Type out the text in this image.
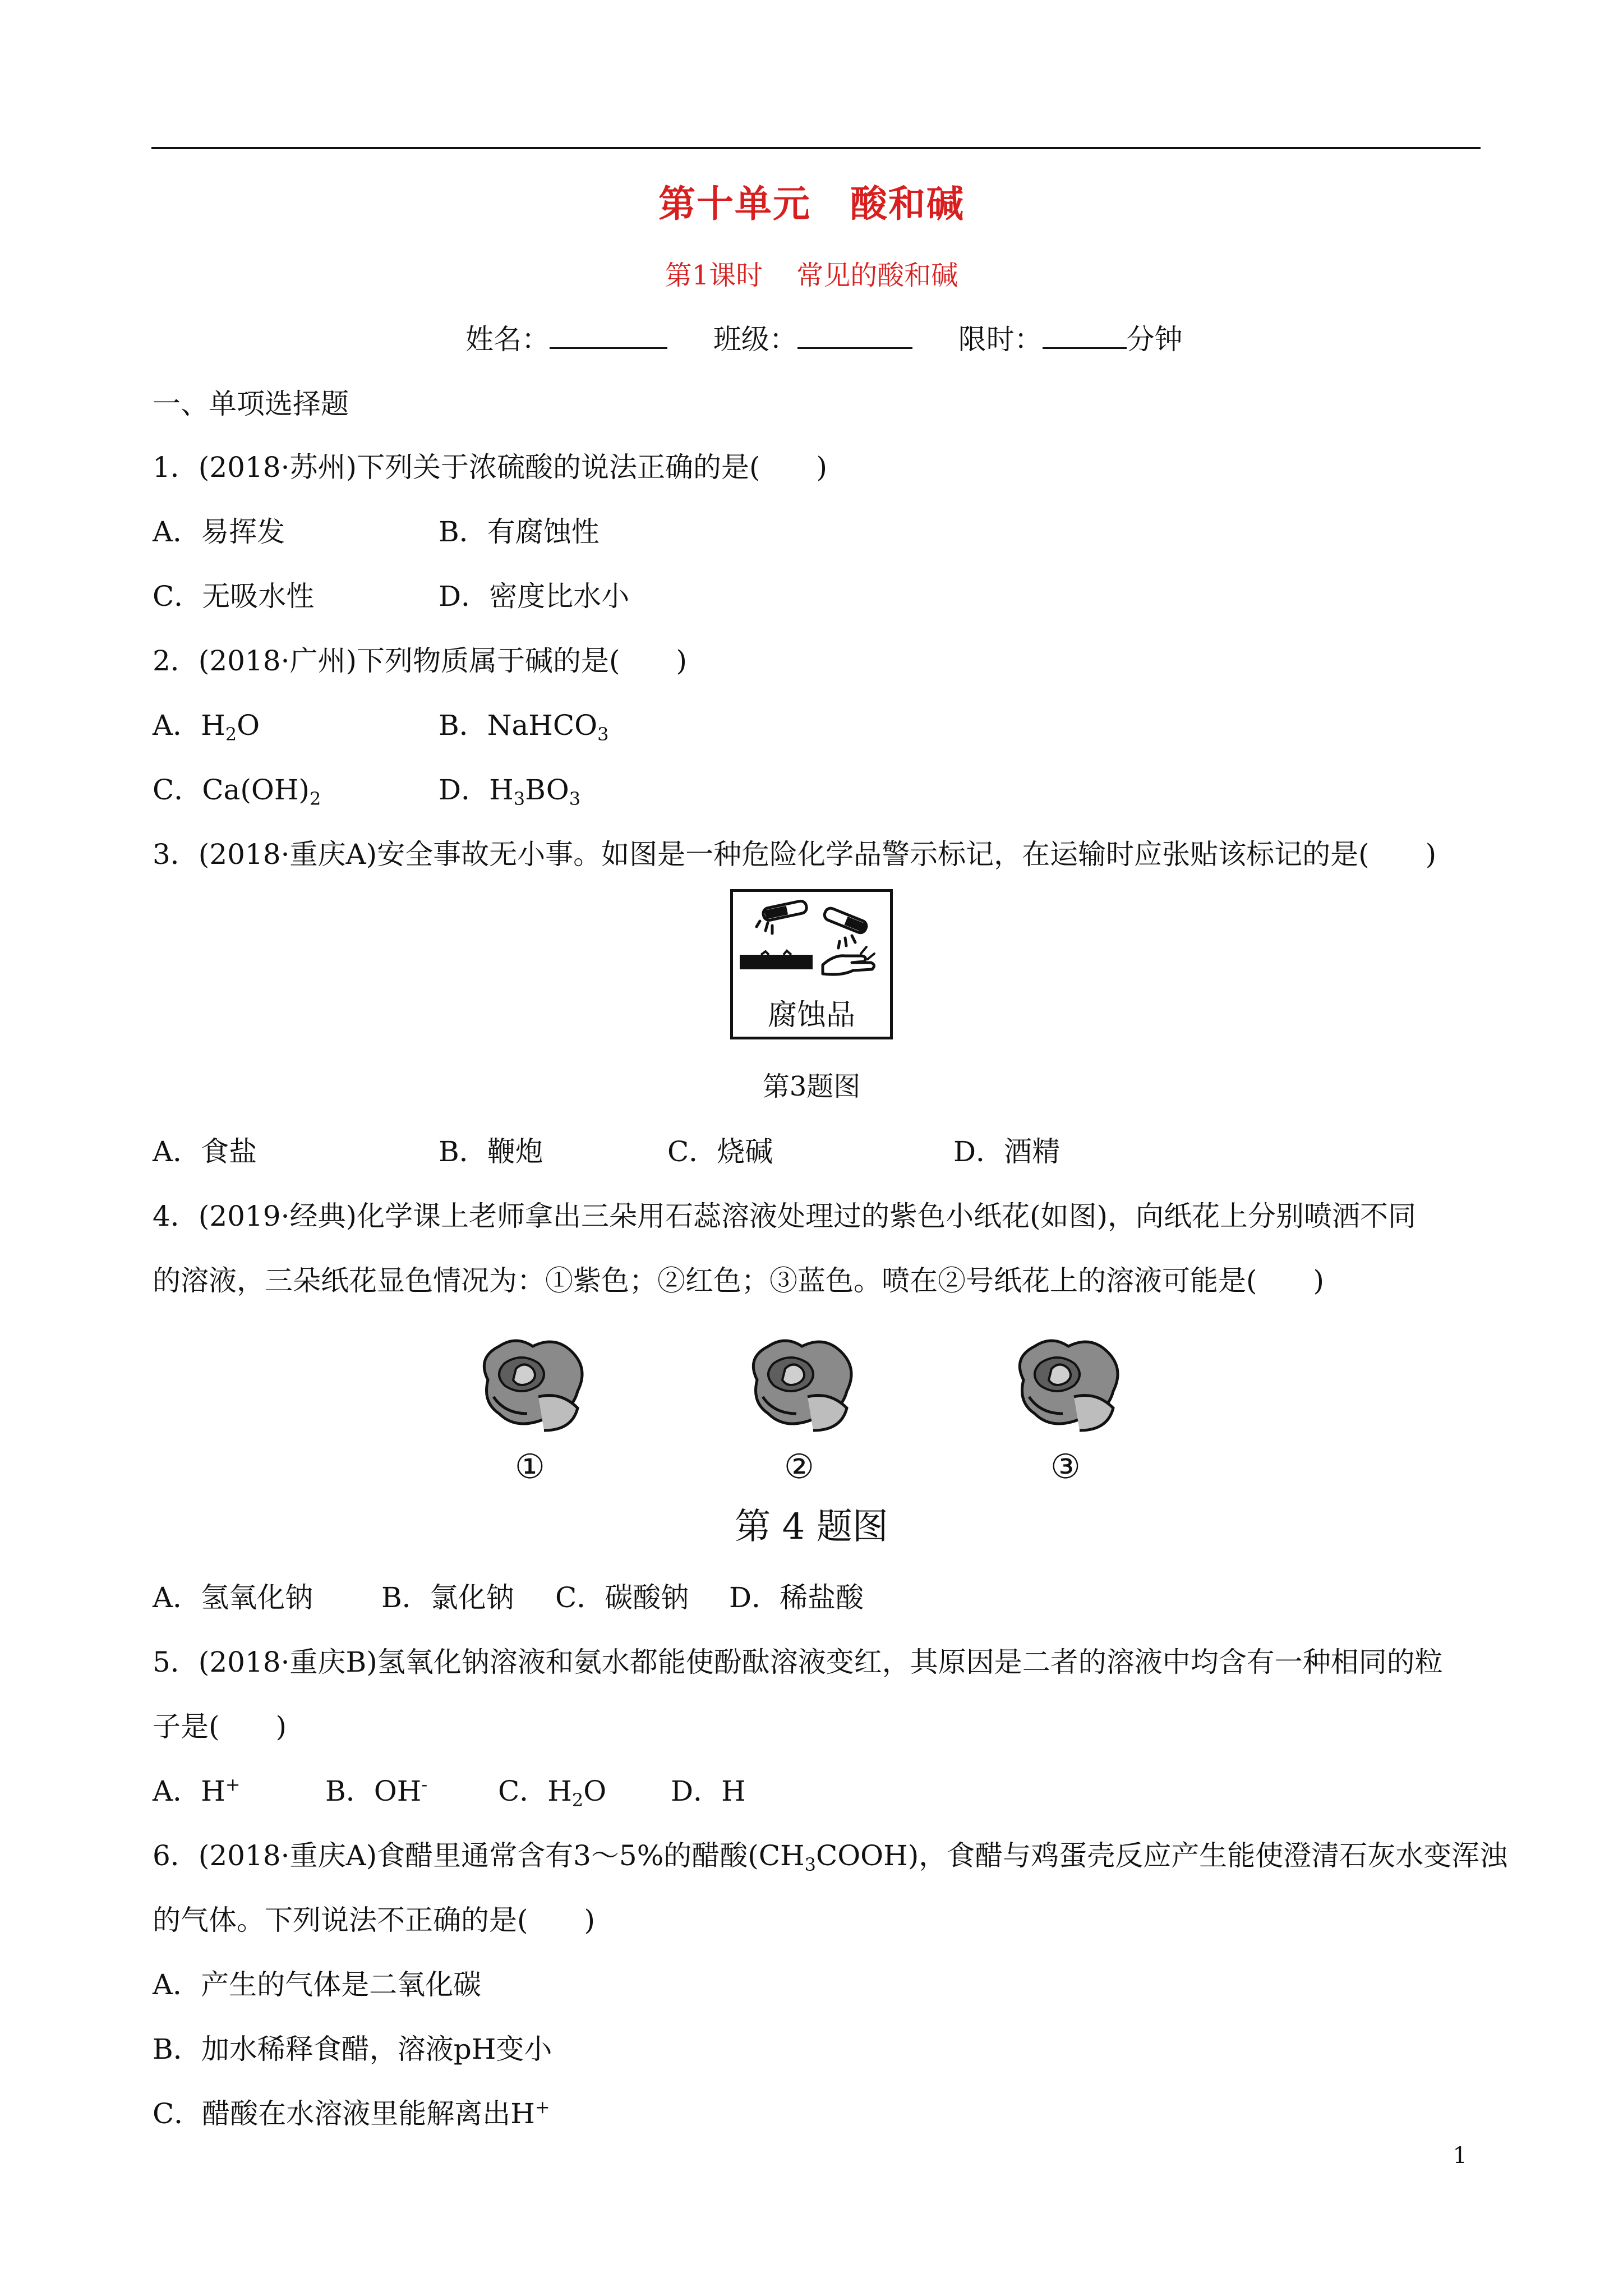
第十单元 酸和碱
第1课时 常见的酸和碱
姓名：	班级：	限时：	分钟
一、单项选择题
1．(2018·苏州)下列关于浓硫酸的说法正确的是(　　)
A．易挥发	B．有腐蚀性
C．无吸水性	D．密度比水小
2．(2018·广州)下列物质属于碱的是(　　)
A．$H_2O$	B．NaHCO$_3$
C．$Ca(OH)_2$	D．$H_3BO_3$
3．(2018·重庆A)安全事故无小事。如图是一种危险化学品警示标记，在运输时应张贴该标记的是(　　)
腐蚀品
第3题图
A．食盐	B．鞭炮	C．烧碱	D．酒精
4．(2019·经典)化学课上老师拿出三朵用石蕊溶液处理过的紫色小纸花(如图)，向纸花上分别喷洒不同
的溶液，三朵纸花显色情况为：①紫色；②红色；③蓝色。喷在②号纸花上的溶液可能是(　　)
①	②	③
第 4 题图
A．氢氧化钠 B．氯化钠 C．碳酸钠 D．稀盐酸
5．(2018·重庆B)氢氧化钠溶液和氨水都能使酚酞溶液变红，其原因是二者的溶液中均含有一种相同的粒
子是(　　)
A．H+	B．OH-	C．$H_2O$ D．H
6．(2018·重庆A)食醋里通常含有3～5%的醋酸$(CH_3COOH)$，食醋与鸡蛋壳反应产生能使澄清石灰水变浑浊
的气体。下列说法不正确的是(　　)
A．产生的气体是二氧化碳
B．加水稀释食醋，溶液pH变小
C．醋酸在水溶液里能解离出H+
1
